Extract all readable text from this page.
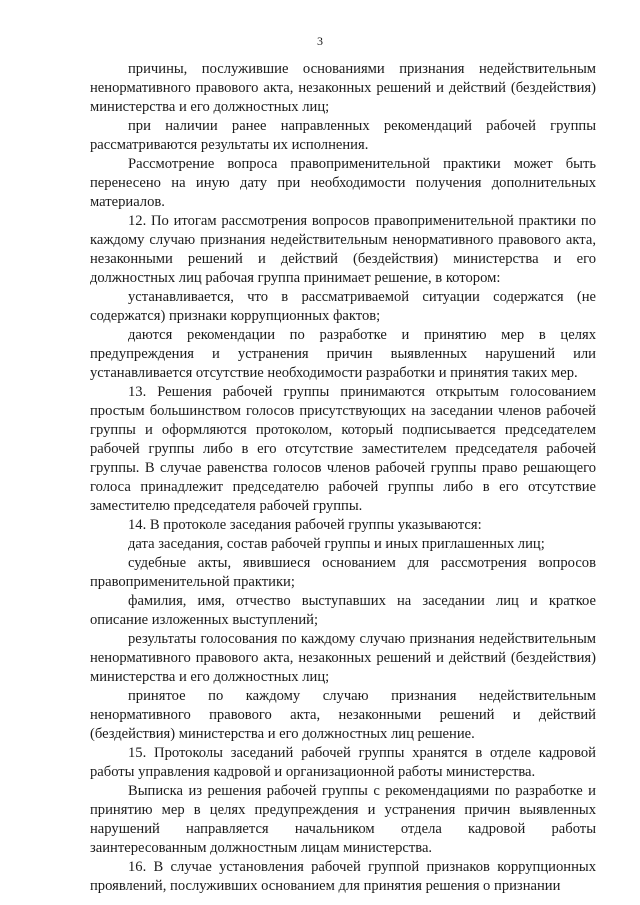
3

причины, послужившие основаниями признания недействительным ненормативного правового акта, незаконных решений и действий (бездействия) министерства и его должностных лиц;

при наличии ранее направленных рекомендаций рабочей группы рассматриваются результаты их исполнения.

Рассмотрение вопроса правоприменительной практики может быть перенесено на иную дату при необходимости получения дополнительных материалов.

12. По итогам рассмотрения вопросов правоприменительной практики по каждому случаю признания недействительным ненормативного правового акта, незаконными решений и действий (бездействия) министерства и его должностных лиц рабочая группа принимает решение, в котором:

устанавливается, что в рассматриваемой ситуации содержатся (не содержатся) признаки коррупционных фактов;

даются рекомендации по разработке и принятию мер в целях предупреждения и устранения причин выявленных нарушений или устанавливается отсутствие необходимости разработки и принятия таких мер.

13. Решения рабочей группы принимаются открытым голосованием простым большинством голосов присутствующих на заседании членов рабочей группы и оформляются протоколом, который подписывается председателем рабочей группы либо в его отсутствие заместителем председателя рабочей группы. В случае равенства голосов членов рабочей группы право решающего голоса принадлежит председателю рабочей группы либо в его отсутствие заместителю председателя рабочей группы.

14. В протоколе заседания рабочей группы указываются:

дата заседания, состав рабочей группы и иных приглашенных лиц;

судебные акты, явившиеся основанием для рассмотрения вопросов правоприменительной практики;

фамилия, имя, отчество выступавших на заседании лиц и краткое описание изложенных выступлений;

результаты голосования по каждому случаю признания недействительным ненормативного правового акта, незаконных решений и действий (бездействия) министерства и его должностных лиц;

принятое по каждому случаю признания недействительным ненормативного правового акта, незаконными решений и действий (бездействия) министерства и его должностных лиц решение.

15. Протоколы заседаний рабочей группы хранятся в отделе кадровой работы управления кадровой и организационной работы министерства.

Выписка из решения рабочей группы с рекомендациями по разработке и принятию мер в целях предупреждения и устранения причин выявленных нарушений направляется начальником отдела кадровой работы заинтересованным должностным лицам министерства.

16. В случае установления рабочей группой признаков коррупционных проявлений, послуживших основанием для принятия решения о признании
